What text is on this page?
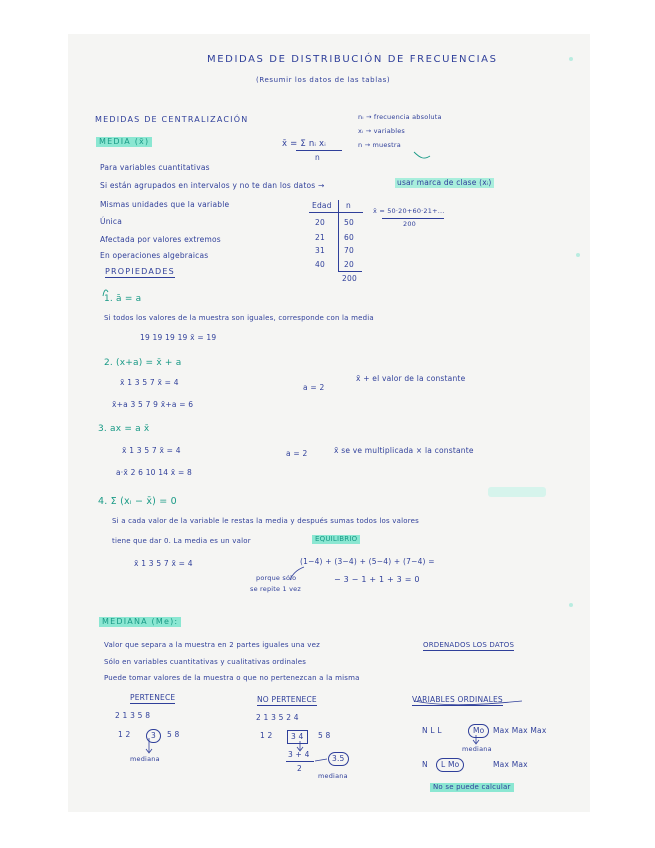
MEDIDAS DE DISTRIBUCIÓN DE FRECUENCIAS
(Resumir los datos de las tablas)
MEDIDAS DE CENTRALIZACIÓN
MEDIA (x̄)	x̄ = Σ nᵢ xᵢ
n
nᵢ → frecuencia absoluta
xᵢ → variables
n → muestra
Para variables cuantitativas
Si están agrupados en intervalos y no te dan los datos →
Mismas unidades que la variable
Única
Afectada por valores extremos
En operaciones algebraicas
usar marca de clase (xᵢ)
Edad n
20	50
21	60
31	70
40	20
200
x̄ = 50·20+60·21+...
200
PROPIEDADES
1. ā = a
Si todos los valores de la muestra son iguales, corresponde con la media
19 19 19 19 x̄ = 19
2. (x+a) = x̄ + a
x̄ 1 3 5 7 x̄ = 4
a = 2
x̄ + el valor de la constante
x̄+a 3 5 7 9 x̄+a = 6
3. ax = a x̄
x̄ 1 3 5 7 x̄ = 4	a = 2	x̄ se ve multiplicada × la constante
a·x̄ 2 6 10 14 x̄ = 8
4. Σ (xᵢ − x̄) = 0
Si a cada valor de la variable le restas la media y después sumas todos los valores
tiene que dar 0. La media es un valor	EQUILIBRIO
x̄ 1 3 5 7 x̄ = 4	(1−4) + (3−4) + (5−4) + (7−4) =
porque sólo
se repite 1 vez
− 3 − 1 + 1 + 3 = 0
MEDIANA (Me):
Valor que separa a la muestra en 2 partes iguales una vez	ORDENADOS LOS DATOS
Sólo en variables cuantitativas y cualitativas ordinales
Puede tomar valores de la muestra o que no pertenezcan a la misma
PERTENECE	NO PERTENECE	VARIABLES ORDINALES
2 1 3 5 8
1 2	3	5 8
mediana
2 1 3 5 2 4
1 2	3 4	5 8
3 + 4
2
3.5
mediana
N L L	Mo	Max Max Max
mediana
N	L Mo	Max Max
No se puede calcular
